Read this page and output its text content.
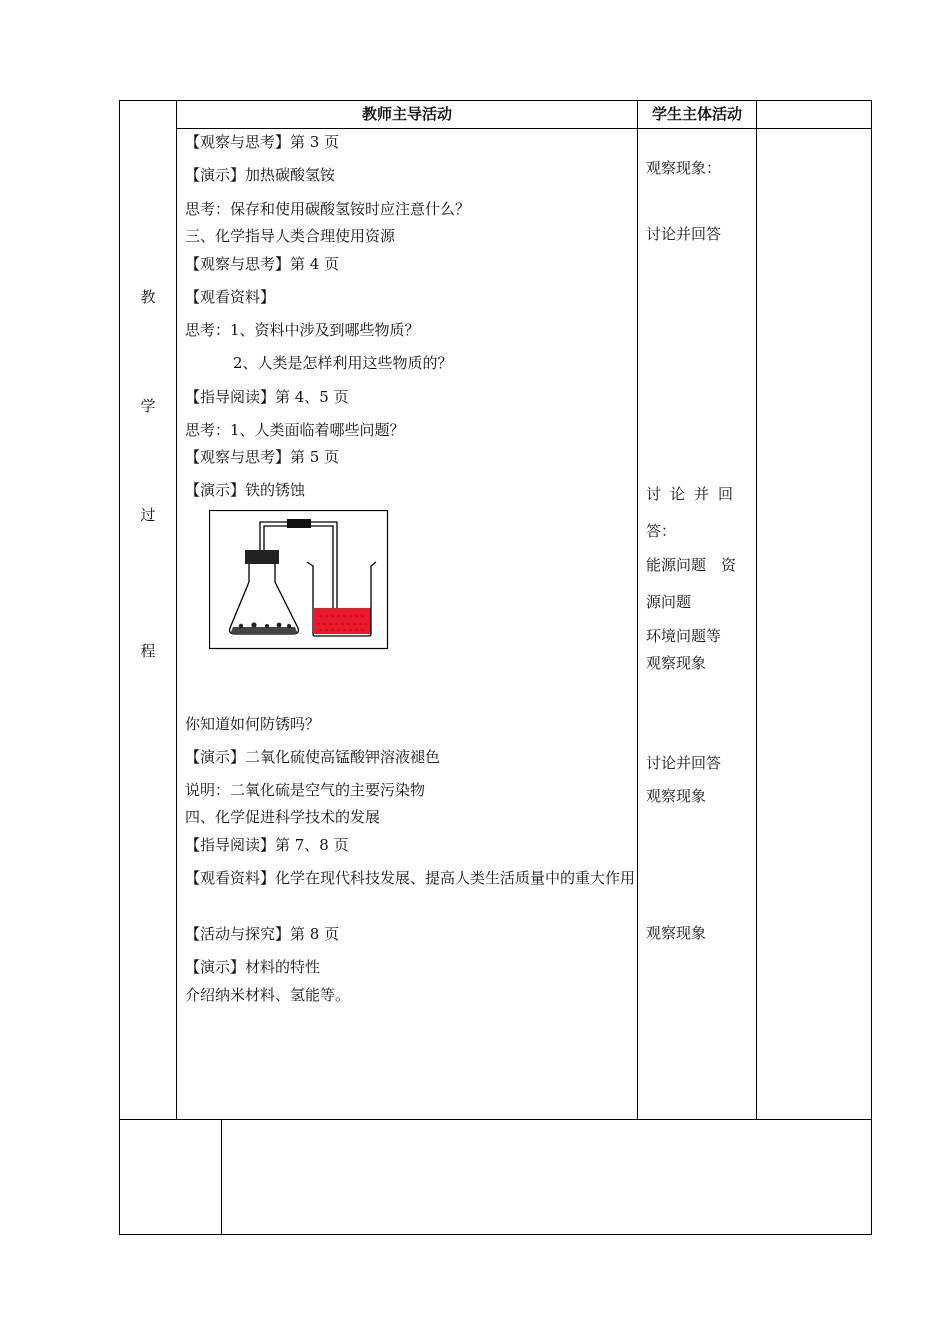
教师主导活动	学生主体活动
教
学
过
程
【观察与思考】第 3 页
【演示】加热碳酸氢铵
思考：保存和使用碳酸氢铵时应注意什么？
三、化学指导人类合理使用资源
【观察与思考】第 4 页
【观看资料】
思考：1、资料中涉及到哪些物质？
2、人类是怎样利用这些物质的？
【指导阅读】第 4、5 页
思考：1、人类面临着哪些问题？
【观察与思考】第 5 页
【演示】铁的锈蚀
你知道如何防锈吗？
【演示】二氧化硫使高锰酸钾溶液褪色
说明：二氧化硫是空气的主要污染物
四、化学促进科学技术的发展
【指导阅读】第 7、8 页
【观看资料】化学在现代科技发展、提高人类生活质量中的重大作用
【活动与探究】第 8 页
【演示】材料的特性
介绍纳米材料、氢能等。
观察现象：
讨论并回答
讨论并回
答：
能源问题　资
源问题
环境问题等
观察现象
讨论并回答
观察现象
观察现象
